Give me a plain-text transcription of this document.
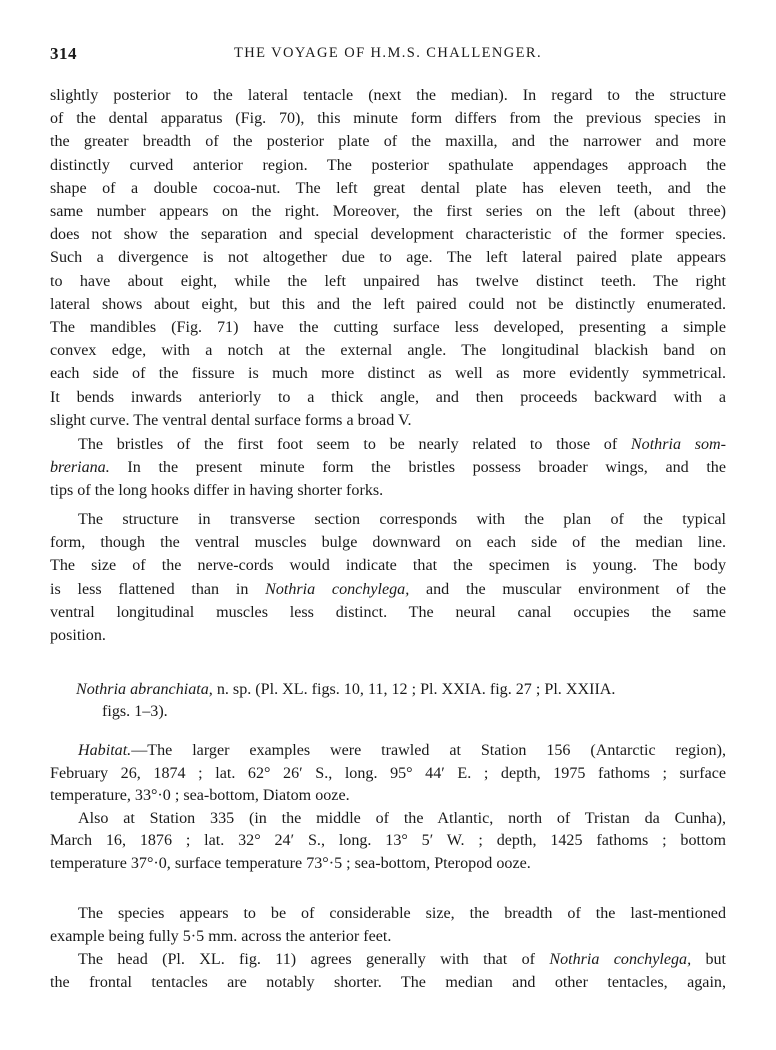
314	THE VOYAGE OF H.M.S. CHALLENGER.
slightly posterior to the lateral tentacle (next the median). In regard to the structure
of the dental apparatus (Fig. 70), this minute form differs from the previous species in
the greater breadth of the posterior plate of the maxilla, and the narrower and more
distinctly curved anterior region. The posterior spathulate appendages approach the
shape of a double cocoa-nut. The left great dental plate has eleven teeth, and the
same number appears on the right. Moreover, the first series on the left (about three)
does not show the separation and special development characteristic of the former species.
Such a divergence is not altogether due to age. The left lateral paired plate appears
to have about eight, while the left unpaired has twelve distinct teeth. The right
lateral shows about eight, but this and the left paired could not be distinctly enumerated.
The mandibles (Fig. 71) have the cutting surface less developed, presenting a simple
convex edge, with a notch at the external angle. The longitudinal blackish band on
each side of the fissure is much more distinct as well as more evidently symmetrical.
It bends inwards anteriorly to a thick angle, and then proceeds backward with a
slight curve. The ventral dental surface forms a broad V.
The bristles of the first foot seem to be nearly related to those of Nothria som-
breriana. In the present minute form the bristles possess broader wings, and the
tips of the long hooks differ in having shorter forks.
The structure in transverse section corresponds with the plan of the typical
form, though the ventral muscles bulge downward on each side of the median line.
The size of the nerve-cords would indicate that the specimen is young. The body
is less flattened than in Nothria conchylega, and the muscular environment of the
ventral longitudinal muscles less distinct. The neural canal occupies the same
position.
Nothria abranchiata, n. sp. (Pl. XL. figs. 10, 11, 12 ; Pl. XXIA. fig. 27 ; Pl. XXIIA.
figs. 1–3).
Habitat.—The larger examples were trawled at Station 156 (Antarctic region),
February 26, 1874 ; lat. 62° 26′ S., long. 95° 44′ E. ; depth, 1975 fathoms ; surface
temperature, 33°·0 ; sea-bottom, Diatom ooze.
Also at Station 335 (in the middle of the Atlantic, north of Tristan da Cunha),
March 16, 1876 ; lat. 32° 24′ S., long. 13° 5′ W. ; depth, 1425 fathoms ; bottom
temperature 37°·0, surface temperature 73°·5 ; sea-bottom, Pteropod ooze.
The species appears to be of considerable size, the breadth of the last-mentioned
example being fully 5·5 mm. across the anterior feet.
The head (Pl. XL. fig. 11) agrees generally with that of Nothria conchylega, but
the frontal tentacles are notably shorter. The median and other tentacles, again,
